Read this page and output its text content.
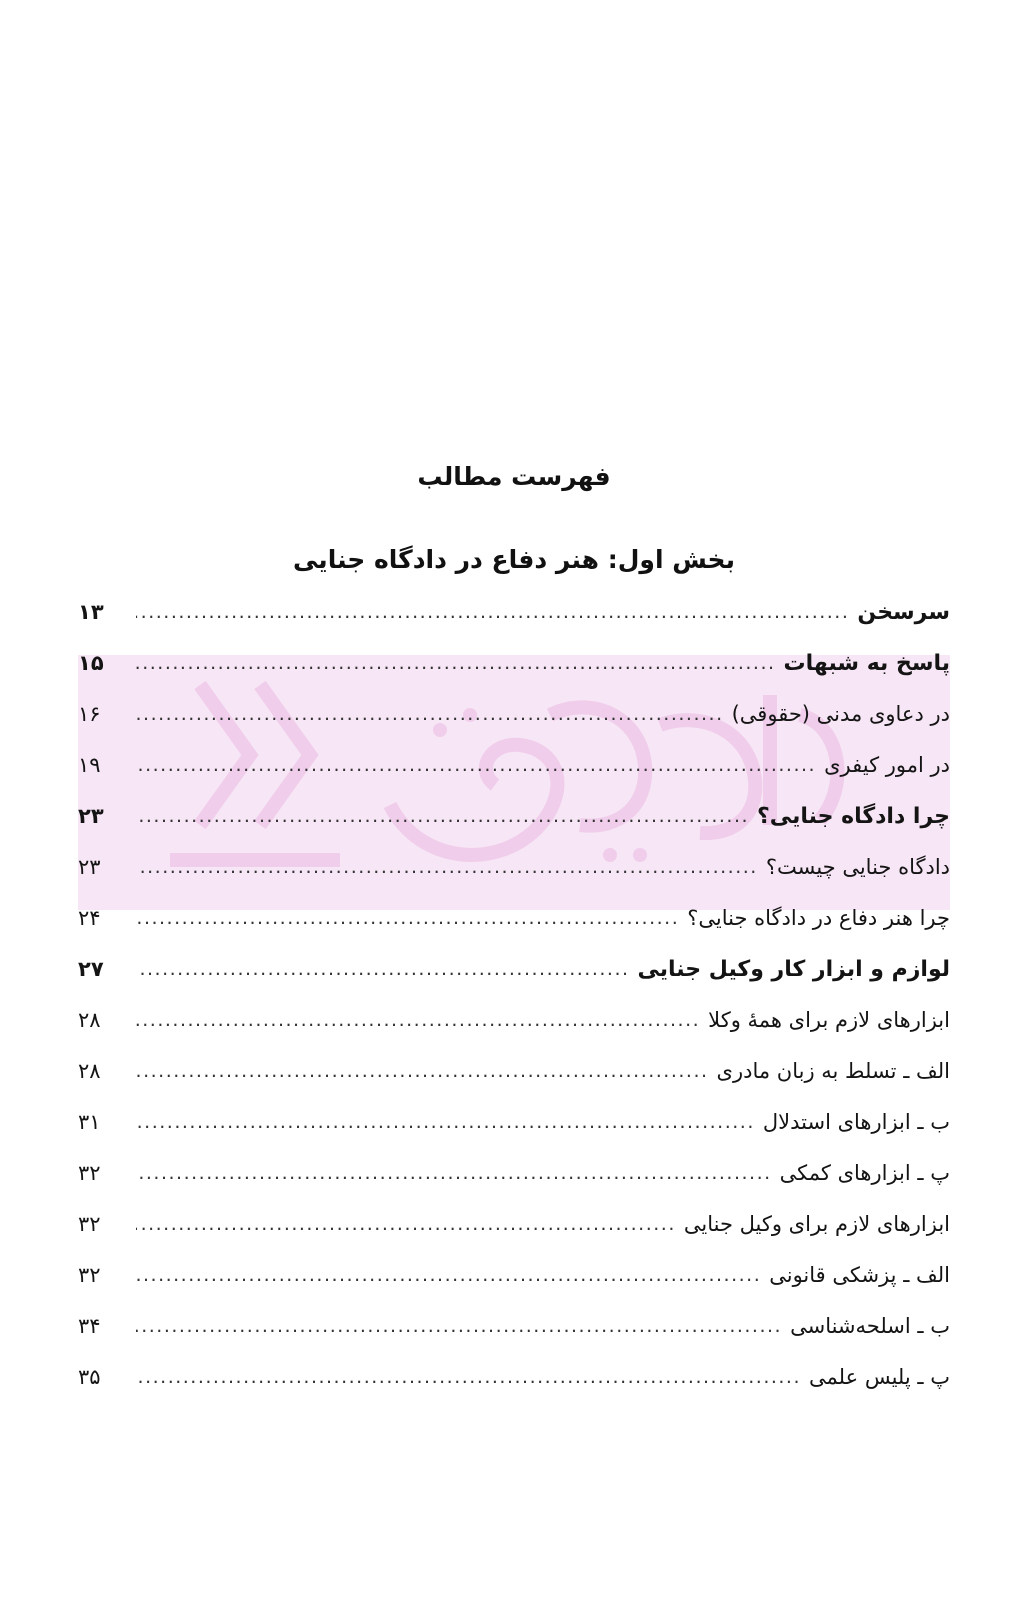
فهرست مطالب
بخش اول: هنر دفاع در دادگاه جنایی
سرسخن
.....
۱۳
پاسخ به شبهات
.....
۱۵
در دعاوی مدنی (حقوقی)
.....
۱۶
در امور کیفری
.....
۱۹
چرا دادگاه جنایی؟
.....
۲۳
دادگاه جنایی چیست؟
.....
۲۳
چرا هنر دفاع در دادگاه جنایی؟
.....
۲۴
لوازم و ابزار کار وکیل جنایی
.....
۲۷
ابزارهای لازم برای همهٔ وکلا
.....
۲۸
الف ـ تسلط به زبان مادری
.....
۲۸
ب ـ ابزارهای استدلال
.....
۳۱
پ ـ ابزارهای کمکی
.....
۳۲
ابزارهای لازم برای وکیل جنایی
.....
۳۲
الف ـ پزشکی قانونی
.....
۳۲
ب ـ اسلحه‌شناسی
.....
۳۴
پ ـ پلیس علمی
.....
۳۵
